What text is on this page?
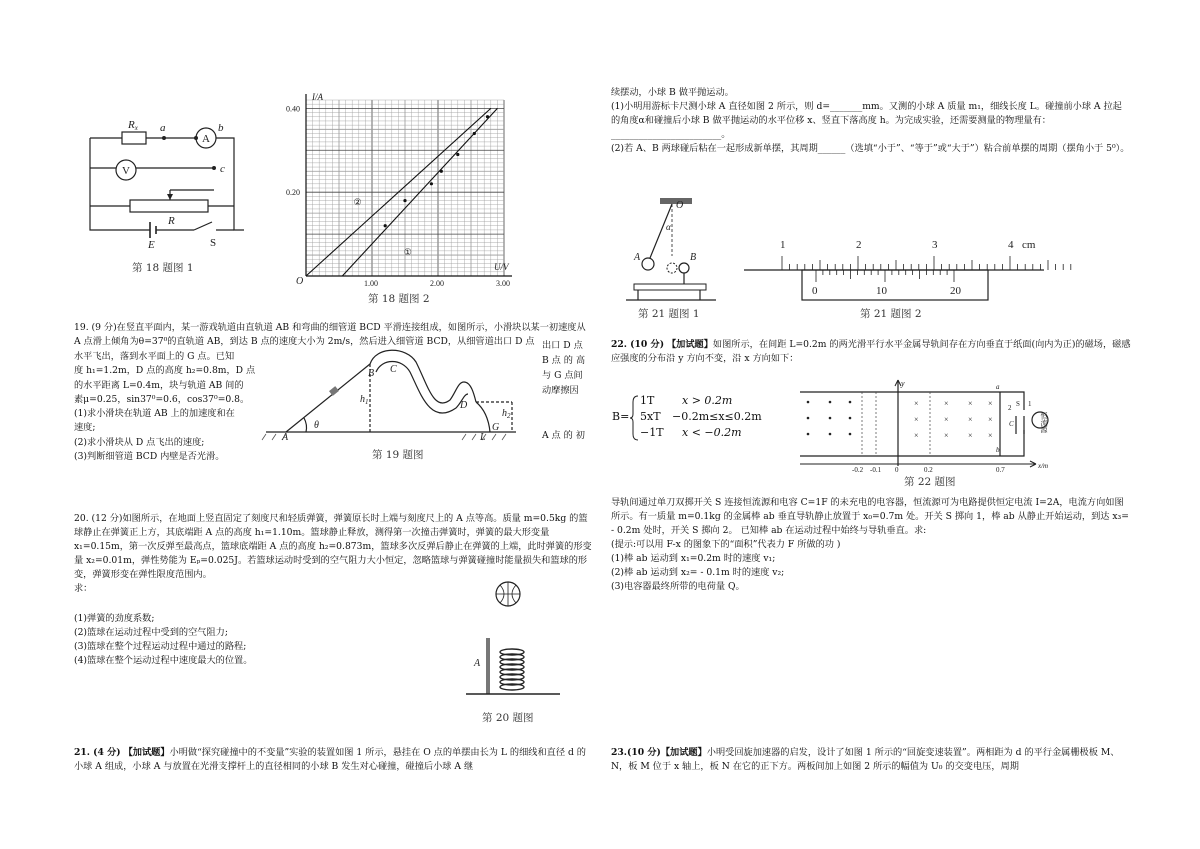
Rx a	b
A
V	c
R
E	S
第 18 题图 1
0.40
0.20
1.00	2.00	3.00
①
②
O
I/A
U/V
第 18 题图 2

19. (9 分)在竖直平面内，某一游戏轨道由直轨道 AB 和弯曲的细管道 BCD 平滑连接组成，如图所示，小滑块以某一初速度从 A 点滑上倾角为θ=37⁰的直轨道 AB，到达 B 点的速度大小为 2m/s，然后进入细管道 BCD，从细管道出口 D 点

水平飞出，落到水平面上的 G 点。已知

度 h₁=1.2m，D 点的高度 h₂=0.8m，D 点

的水平距离 L=0.4m，块与轨道 AB 间的

素μ=0.25，sin37⁰=0.6，cos37⁰=0.8。

(1)求小滑块在轨道 AB 上的加速度和在

速度;

(2)求小滑块从 D 点飞出的速度;

(3)判断细管道 BCD 内壁是否光滑。

出口 D 点

B 点 的 高

与 G 点间

动摩擦因

A 点 的 初

A
B C
D
G
θ
$h_1$
$h_2$
L
第 19 题图

20. (12 分)如图所示，在地面上竖直固定了刻度尺和轻质弹簧，弹簧原长时上端与刻度尺上的 A 点等高。质量 m=0.5kg 的篮球静止在弹簧正上方，其底端距 A 点的高度 h₁=1.10m。篮球静止释放，测得第一次撞击弹簧时，弹簧的最大形变量 x₁=0.15m，第一次反弹至最高点，篮球底端距 A 点的高度 h₂=0.873m，篮球多次反弹后静止在弹簧的上端，此时弹簧的形变量 x₂=0.01m，弹性势能为 Eₚ=0.025J。若篮球运动时受到的空气阻力大小恒定，忽略篮球与弹簧碰撞时能量损失和篮球的形变，弹簧形变在弹性限度范围内。

求：

(1)弹簧的劲度系数;

(2)篮球在运动过程中受到的空气阻力;

(3)篮球在整个过程运动过程中通过的路程;

(4)篮球在整个运动过程中速度最大的位置。	A
第 20 题图

21. (4 分) 【加试题】小明做“探究碰撞中的不变量”实验的装置如图 1 所示，悬挂在 O 点的单摆由长为 L 的细线和直径 d 的小球 A 组成，小球 A 与放置在光滑支撑杆上的直径相同的小球 B 发生对心碰撞，碰撞后小球 A 继

续摆动，小球 B 做平抛运动。

(1)小明用游标卡尺测小球 A 直径如图 2 所示，则 d=_______mm。又测的小球 A 质量 m₁，细线长度 L。碰撞前小球 A 拉起的角度α和碰撞后小球 B 做平抛运动的水平位移 x、竖直下落高度 h。为完成实验，还需要测量的物理量有：________________________。

(2)若 A、B 两球碰后粘在一起形成新单摆，其周期______（选填“小于”、“等于”或“大于”）粘合前单摆的周期（摆角小于 5⁰）。

O
α
A	B
第 21 题图 1
1	2	3	4 cm
0	10	20
第 21 题图 2

22. (10 分) 【加试题】如图所示，在间距 L=0.2m 的两光滑平行水平金属导轨间存在方向垂直于纸面(向内为正)的磁场，磁感应强度的分布沿 y 方向不变，沿 x 方向如下：

B=
1T	x > 0.2m
5xT −0.2m≤x≤0.2m
−1T x < −0.2m
×	× × ×
×	× × ×
×	× × ×
y
x/m
a
b
2 1
C
S
恒流源
-0.2 -0.1 0	0.2	0.7
第 22 题图

导轨间通过单刀双掷开关 S 连接恒流源和电容 C=1F 的未充电的电容器，恒流源可为电路提供恒定电流 I=2A，电流方向如图所示。有一质量 m=0.1kg 的金属棒 ab 垂直导轨静止放置于 x₀=0.7m 处。开关 S 掷向 1，棒 ab 从静止开始运动，到达 x₃= - 0.2m 处时，开关 S 掷向 2。 已知棒 ab 在运动过程中始终与导轨垂直。求:

(提示:可以用 F-x 的图象下的“面积”代表力 F 所做的功 )

(1)棒 ab 运动到 x₁=0.2m 时的速度 v₁;

(2)棒 ab 运动到 x₂= - 0.1m 时的速度 v₂;

(3)电容器最终所带的电荷量 Q。

23.(10 分)【加试题】小明受回旋加速器的启发，设计了如图 1 所示的“回旋变速装置”。两相距为 d 的平行金属栅极板 M、N，板 M 位于 x 轴上，板 N 在它的正下方。两板间加上如图 2 所示的幅值为 U₀ 的交变电压，周期
